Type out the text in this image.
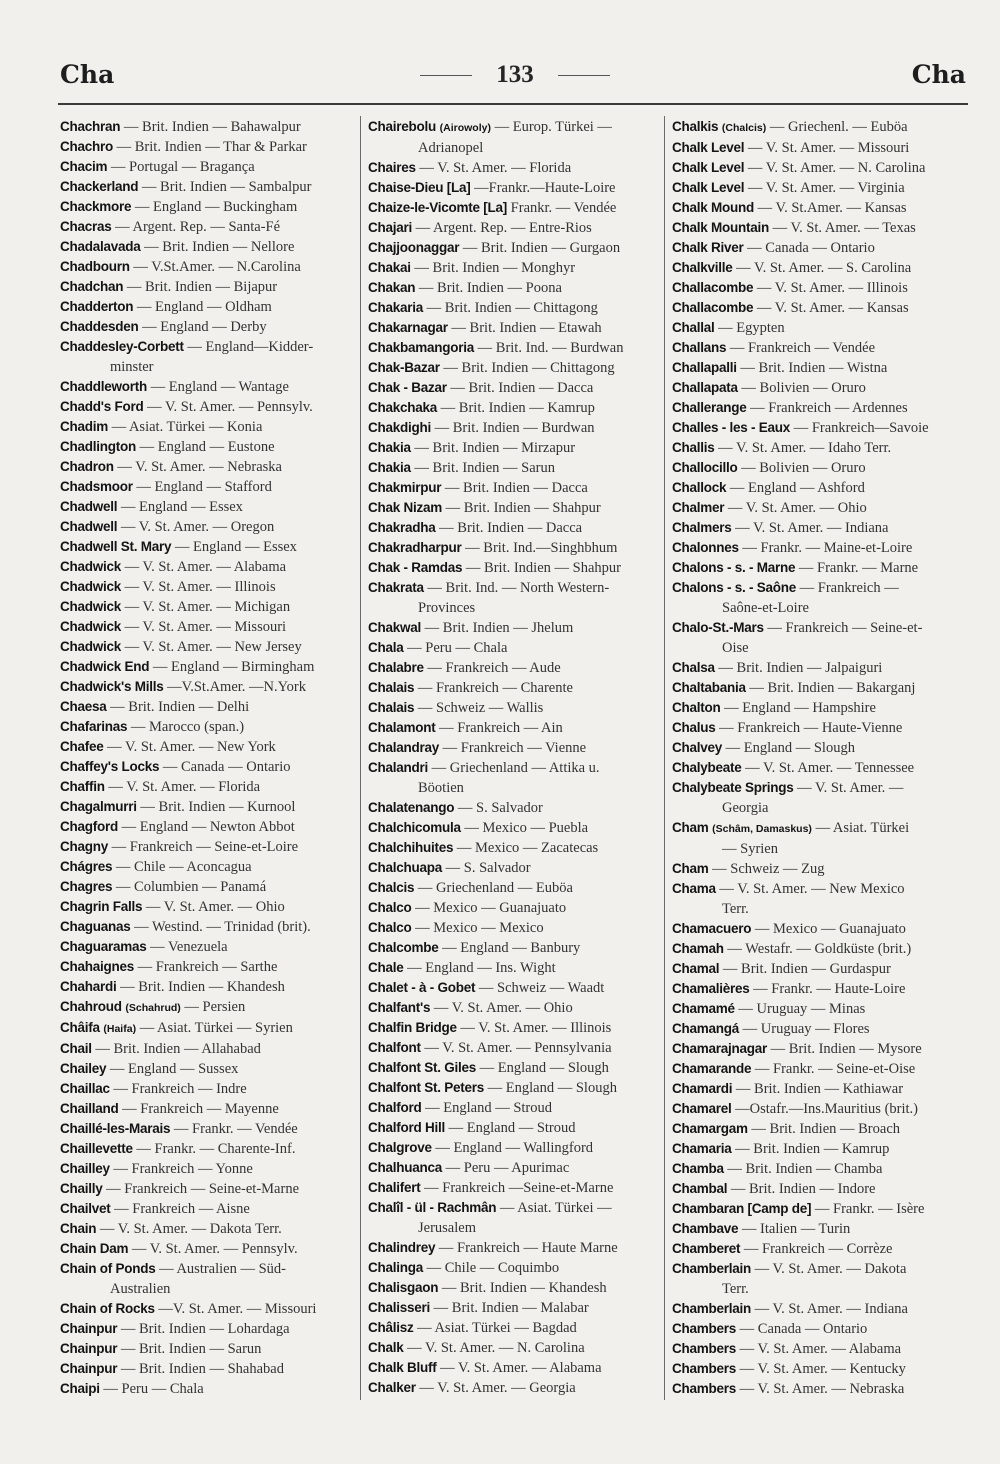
Cha	133	Cha
Chachran — Brit. Indien — Bahawalpur
Chachro — Brit. Indien — Thar & Parkar
Chacim — Portugal — Bragança
Chackerland — Brit. Indien — Sambalpur
Chackmore — England — Buckingham
Chacras — Argent. Rep. — Santa-Fé
Chadalavada — Brit. Indien — Nellore
Chadbourn — V.St.Amer. — N.Carolina
Chadchan — Brit. Indien — Bijapur
Chadderton — England — Oldham
Chaddesden — England — Derby
Chaddesley-Corbett — England—Kidder-
minster
Chaddleworth — England — Wantage
Chadd's Ford — V. St. Amer. — Pennsylv.
Chadim — Asiat. Türkei — Konia
Chadlington — England — Eustone
Chadron — V. St. Amer. — Nebraska
Chadsmoor — England — Stafford
Chadwell — England — Essex
Chadwell — V. St. Amer. — Oregon
Chadwell St. Mary — England — Essex
Chadwick — V. St. Amer. — Alabama
Chadwick — V. St. Amer. — Illinois
Chadwick — V. St. Amer. — Michigan
Chadwick — V. St. Amer. — Missouri
Chadwick — V. St. Amer. — New Jersey
Chadwick End — England — Birmingham
Chadwick's Mills —V.St.Amer. —N.York
Chaesa — Brit. Indien — Delhi
Chafarinas — Marocco (span.)
Chafee — V. St. Amer. — New York
Chaffey's Locks — Canada — Ontario
Chaffin — V. St. Amer. — Florida
Chagalmurri — Brit. Indien — Kurnool
Chagford — England — Newton Abbot
Chagny — Frankreich — Seine-et-Loire
Chágres — Chile — Aconcagua
Chagres — Columbien — Panamá
Chagrin Falls — V. St. Amer. — Ohio
Chaguanas — Westind. — Trinidad (brit).
Chaguaramas — Venezuela
Chahaignes — Frankreich — Sarthe
Chahardi — Brit. Indien — Khandesh
Chahroud (Schahrud) — Persien
Châifa (Haifa) — Asiat. Türkei — Syrien
Chail — Brit. Indien — Allahabad
Chailey — England — Sussex
Chaillac — Frankreich — Indre
Chailland — Frankreich — Mayenne
Chaillé-les-Marais — Frankr. — Vendée
Chaillevette — Frankr. — Charente-Inf.
Chailley — Frankreich — Yonne
Chailly — Frankreich — Seine-et-Marne
Chailvet — Frankreich — Aisne
Chain — V. St. Amer. — Dakota Terr.
Chain Dam — V. St. Amer. — Pennsylv.
Chain of Ponds — Australien — Süd-
Australien
Chain of Rocks —V. St. Amer. — Missouri
Chainpur — Brit. Indien — Lohardaga
Chainpur — Brit. Indien — Sarun
Chainpur — Brit. Indien — Shahabad
Chaipi — Peru — Chala
Chairebolu (Airowoly) — Europ. Türkei —
Adrianopel
Chaires — V. St. Amer. — Florida
Chaise-Dieu [La] —Frankr.—Haute-Loire
Chaize-le-Vicomte [La] Frankr. — Vendée
Chajari — Argent. Rep. — Entre-Rios
Chajjoonaggar — Brit. Indien — Gurgaon
Chakai — Brit. Indien — Monghyr
Chakan — Brit. Indien — Poona
Chakaria — Brit. Indien — Chittagong
Chakarnagar — Brit. Indien — Etawah
Chakbamangoria — Brit. Ind. — Burdwan
Chak-Bazar — Brit. Indien — Chittagong
Chak - Bazar — Brit. Indien — Dacca
Chakchaka — Brit. Indien — Kamrup
Chakdighi — Brit. Indien — Burdwan
Chakia — Brit. Indien — Mirzapur
Chakia — Brit. Indien — Sarun
Chakmirpur — Brit. Indien — Dacca
Chak Nizam — Brit. Indien — Shahpur
Chakradha — Brit. Indien — Dacca
Chakradharpur — Brit. Ind.—Singhbhum
Chak - Ramdas — Brit. Indien — Shahpur
Chakrata — Brit. Ind. — North Western-
Provinces
Chakwal — Brit. Indien — Jhelum
Chala — Peru — Chala
Chalabre — Frankreich — Aude
Chalais — Frankreich — Charente
Chalais — Schweiz — Wallis
Chalamont — Frankreich — Ain
Chalandray — Frankreich — Vienne
Chalandri — Griechenland — Attika u.
Böotien
Chalatenango — S. Salvador
Chalchicomula — Mexico — Puebla
Chalchihuites — Mexico — Zacatecas
Chalchuapa — S. Salvador
Chalcis — Griechenland — Euböa
Chalco — Mexico — Guanajuato
Chalco — Mexico — Mexico
Chalcombe — England — Banbury
Chale — England — Ins. Wight
Chalet - à - Gobet — Schweiz — Waadt
Chalfant's — V. St. Amer. — Ohio
Chalfin Bridge — V. St. Amer. — Illinois
Chalfont — V. St. Amer. — Pennsylvania
Chalfont St. Giles — England — Slough
Chalfont St. Peters — England — Slough
Chalford — England — Stroud
Chalford Hill — England — Stroud
Chalgrove — England — Wallingford
Chalhuanca — Peru — Apurimac
Chalifert — Frankreich —Seine-et-Marne
Chalîl - ül - Rachmân — Asiat. Türkei —
Jerusalem
Chalindrey — Frankreich — Haute Marne
Chalinga — Chile — Coquimbo
Chalisgaon — Brit. Indien — Khandesh
Chalisseri — Brit. Indien — Malabar
Châlisz — Asiat. Türkei — Bagdad
Chalk — V. St. Amer. — N. Carolina
Chalk Bluff — V. St. Amer. — Alabama
Chalker — V. St. Amer. — Georgia
Chalkis (Chalcis) — Griechenl. — Euböa
Chalk Level — V. St. Amer. — Missouri
Chalk Level — V. St. Amer. — N. Carolina
Chalk Level — V. St. Amer. — Virginia
Chalk Mound — V. St.Amer. — Kansas
Chalk Mountain — V. St. Amer. — Texas
Chalk River — Canada — Ontario
Chalkville — V. St. Amer. — S. Carolina
Challacombe — V. St. Amer. — Illinois
Challacombe — V. St. Amer. — Kansas
Challal — Egypten
Challans — Frankreich — Vendée
Challapalli — Brit. Indien — Wistna
Challapata — Bolivien — Oruro
Challerange — Frankreich — Ardennes
Challes - les - Eaux — Frankreich—Savoie
Challis — V. St. Amer. — Idaho Terr.
Challocillo — Bolivien — Oruro
Challock — England — Ashford
Chalmer — V. St. Amer. — Ohio
Chalmers — V. St. Amer. — Indiana
Chalonnes — Frankr. — Maine-et-Loire
Chalons - s. - Marne — Frankr. — Marne
Chalons - s. - Saône — Frankreich —
Saône-et-Loire
Chalo-St.-Mars — Frankreich — Seine-et-
Oise
Chalsa — Brit. Indien — Jalpaiguri
Chaltabania — Brit. Indien — Bakarganj
Chalton — England — Hampshire
Chalus — Frankreich — Haute-Vienne
Chalvey — England — Slough
Chalybeate — V. St. Amer. — Tennessee
Chalybeate Springs — V. St. Amer. —
Georgia
Cham (Schâm, Damaskus) — Asiat. Türkei
— Syrien
Cham — Schweiz — Zug
Chama — V. St. Amer. — New Mexico
Terr.
Chamacuero — Mexico — Guanajuato
Chamah — Westafr. — Goldküste (brit.)
Chamal — Brit. Indien — Gurdaspur
Chamalières — Frankr. — Haute-Loire
Chamamé — Uruguay — Minas
Chamangá — Uruguay — Flores
Chamarajnagar — Brit. Indien — Mysore
Chamarande — Frankr. — Seine-et-Oise
Chamardi — Brit. Indien — Kathiawar
Chamarel —Ostafr.—Ins.Mauritius (brit.)
Chamargam — Brit. Indien — Broach
Chamaria — Brit. Indien — Kamrup
Chamba — Brit. Indien — Chamba
Chambal — Brit. Indien — Indore
Chambaran [Camp de] — Frankr. — Isère
Chambave — Italien — Turin
Chamberet — Frankreich — Corrèze
Chamberlain — V. St. Amer. — Dakota
Terr.
Chamberlain — V. St. Amer. — Indiana
Chambers — Canada — Ontario
Chambers — V. St. Amer. — Alabama
Chambers — V. St. Amer. — Kentucky
Chambers — V. St. Amer. — Nebraska
